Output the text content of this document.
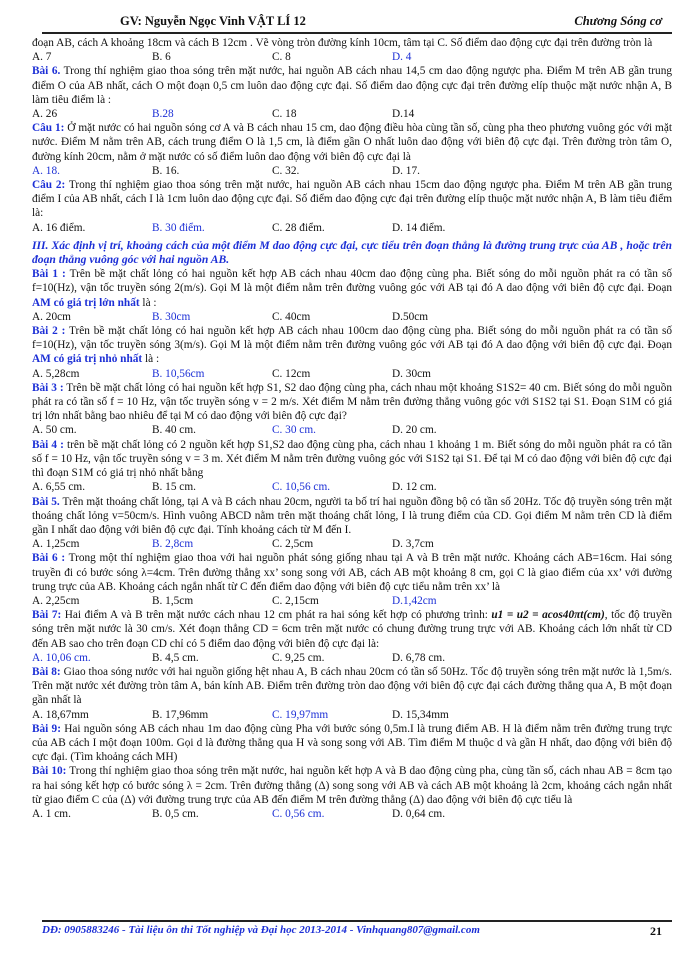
GV: Nguyễn Ngọc Vinh VẬT LÍ 12	Chương Sóng cơ

đoạn AB, cách A khoảng 18cm và cách B 12cm . Vẽ vòng tròn đường kính 10cm, tâm tại C. Số điểm dao động cực đại trên đường tròn là

A. 7	B. 6	C. 8	D. 4

Bài 6. Trong thí nghiệm giao thoa sóng trên mặt nước, hai nguồn AB cách nhau 14,5 cm dao động ngược pha. Điểm M trên AB gần trung điểm O của AB nhất, cách O một đoạn 0,5 cm luôn dao động cực đại. Số điểm dao động cực đại trên đường elíp thuộc mặt nước nhận A, B làm tiêu điểm là :

A. 26	B.28	C. 18	D.14

Câu 1: Ở mặt nước có hai nguồn sóng cơ A và B cách nhau 15 cm, dao động điều hòa cùng tần số, cùng pha theo phương vuông góc với mặt nước. Điểm M nằm trên AB, cách trung điểm O là 1,5 cm, là điểm gần O nhất luôn dao động với biên độ cực đại. Trên đường tròn tâm O, đường kính 20cm, nằm ở mặt nước có số điểm luôn dao động với biên độ cực đại là

A. 18.	B. 16.	C. 32.	D. 17.

Câu 2: Trong thí nghiệm giao thoa sóng trên mặt nước, hai nguồn AB cách nhau 15cm dao động ngược pha. Điểm M trên AB gần trung điểm I của AB nhất, cách I là 1cm luôn dao động cực đại. Số điểm dao động cực đại trên đường elíp thuộc mặt nước nhận A, B làm tiêu điểm là:

A. 16 điểm.	B. 30 điểm.	C. 28 điểm.	D. 14 điểm.

III. Xác định vị trí, khoảng cách của một điểm M dao động cực đại, cực tiểu trên đoạn thẳng là đường trung trực của AB , hoặc trên đoạn thẳng vuông góc với hai nguồn AB.

Bài 1 : Trên bề mặt chất lỏng có hai nguồn kết hợp AB cách nhau 40cm dao động cùng pha. Biết sóng do mỗi nguồn phát ra có tần số f=10(Hz), vận tốc truyền sóng 2(m/s). Gọi M là một điểm nằm trên đường vuông góc với AB tại đó A dao động với biên độ cực đại. Đoạn AM có giá trị lớn nhất là :

A. 20cm	B. 30cm	C. 40cm	D.50cm

Bài 2 : Trên bề mặt chất lỏng có hai nguồn kết hợp AB cách nhau 100cm dao động cùng pha. Biết sóng do mỗi nguồn phát ra có tần số f=10(Hz), vận tốc truyền sóng 3(m/s). Gọi M là một điểm nằm trên đường vuông góc với AB tại đó A dao động với biên độ cực đại. Đoạn AM có giá trị nhỏ nhất là :

A. 5,28cm	B. 10,56cm	C. 12cm	D. 30cm

Bài 3 : Trên bề mặt chất lỏng có hai nguồn kết hợp S1, S2 dao động cùng pha, cách nhau một khoảng S1S2= 40 cm. Biết sóng do mỗi nguồn phát ra có tần số f = 10 Hz, vận tốc truyền sóng v = 2 m/s. Xét điểm M nằm trên đường thẳng vuông góc với S1S2 tại S1. Đoạn S1M có giá trị lớn nhất bằng bao nhiêu để tại M có dao động với biên độ cực đại?

A. 50 cm.	B. 40 cm.	C. 30 cm.	D. 20 cm.

Bài 4 : trên bề mặt chất lỏng có 2 nguồn kết hợp S1,S2 dao động cùng pha, cách nhau 1 khoảng 1 m. Biết sóng do mỗi nguồn phát ra có tần số f = 10 Hz, vận tốc truyền sóng v = 3 m. Xét điểm M nằm trên đường vuông góc với S1S2 tại S1. Để tại M có dao động với biên độ cực đại thì đoạn S1M có giá trị nhỏ nhất bằng

A. 6,55 cm.	B. 15 cm.	C. 10,56 cm.	D. 12 cm.

Bài 5. Trên mặt thoáng chất lỏng, tại A và B cách nhau 20cm, người ta bố trí hai nguồn đồng bộ có tần số 20Hz. Tốc độ truyền sóng trên mặt thoáng chất lỏng v=50cm/s. Hình vuông ABCD nằm trên mặt thoáng chất lỏng, I là trung điểm của CD. Gọi điểm M nằm trên CD là điểm gần I nhất dao động với biên độ cực đại. Tính khoảng cách từ M đến I.

A. 1,25cm	B. 2,8cm	C. 2,5cm	D. 3,7cm

Bài 6 : Trong một thí nghiệm giao thoa với hai nguồn phát sóng giống nhau tại A và B trên mặt nước. Khoảng cách AB=16cm. Hai sóng truyền đi có bước sóng λ=4cm. Trên đường thẳng xx’ song song với AB, cách AB một khoảng 8 cm, gọi C là giao điểm của xx’ với đường trung trực của AB. Khoảng cách ngắn nhất từ C đến điểm dao động với biên độ cực tiểu nằm trên xx’ là

A. 2,25cm	B. 1,5cm	C. 2,15cm	D.1,42cm

Bài 7: Hai điểm A và B trên mặt nước cách nhau 12 cm phát ra hai sóng kết hợp có phương trình: u1 = u2 = acos40πt(cm), tốc độ truyền sóng trên mặt nước là 30 cm/s. Xét đoạn thẳng CD = 6cm trên mặt nước có chung đường trung trực với AB. Khoảng cách lớn nhất từ CD đến AB sao cho trên đoạn CD chỉ có 5 điểm dao động với biên độ cực đại là:

A. 10,06 cm.	B. 4,5 cm.	C. 9,25 cm.	D. 6,78 cm.

Bài 8: Giao thoa sóng nước với hai nguồn giống hệt nhau A, B cách nhau 20cm có tần số 50Hz. Tốc độ truyền sóng trên mặt nước là 1,5m/s. Trên mặt nước xét đường tròn tâm A, bán kính AB. Điểm trên đường tròn dao động với biên độ cực đại cách đường thẳng qua A, B một đoạn gần nhất là

A. 18,67mm	B. 17,96mm	C. 19,97mm	D. 15,34mm

Bài 9: Hai nguồn sóng AB cách nhau 1m dao động cùng Pha với bước sóng 0,5m.I là trung điểm AB. H là điểm nằm trên đường trung trực của AB cách I một đoạn 100m. Gọi d là đường thẳng qua H và song song với AB. Tìm điểm M thuộc d và gần H nhất, dao động với biên độ cực đại. (Tìm khoảng cách MH)

Bài 10: Trong thí nghiệm giao thoa sóng trên mặt nước, hai nguồn kết hợp A và B dao động cùng pha, cùng tần số, cách nhau AB = 8cm tạo ra hai sóng kết hợp có bước sóng λ = 2cm. Trên đường thẳng (Δ) song song với AB và cách AB một khoảng là 2cm, khoảng cách ngắn nhất từ giao điểm C của (Δ) với đường trung trực của AB đến điểm M trên đường thẳng (Δ) dao động với biên độ cực tiểu là

A. 1 cm.	B. 0,5 cm.	C. 0,56 cm.	D. 0,64 cm.
DĐ: 0905883246 - Tài liệu ôn thi Tốt nghiệp và Đại học 2013-2014 - Vinhquang807@gmail.com	21
